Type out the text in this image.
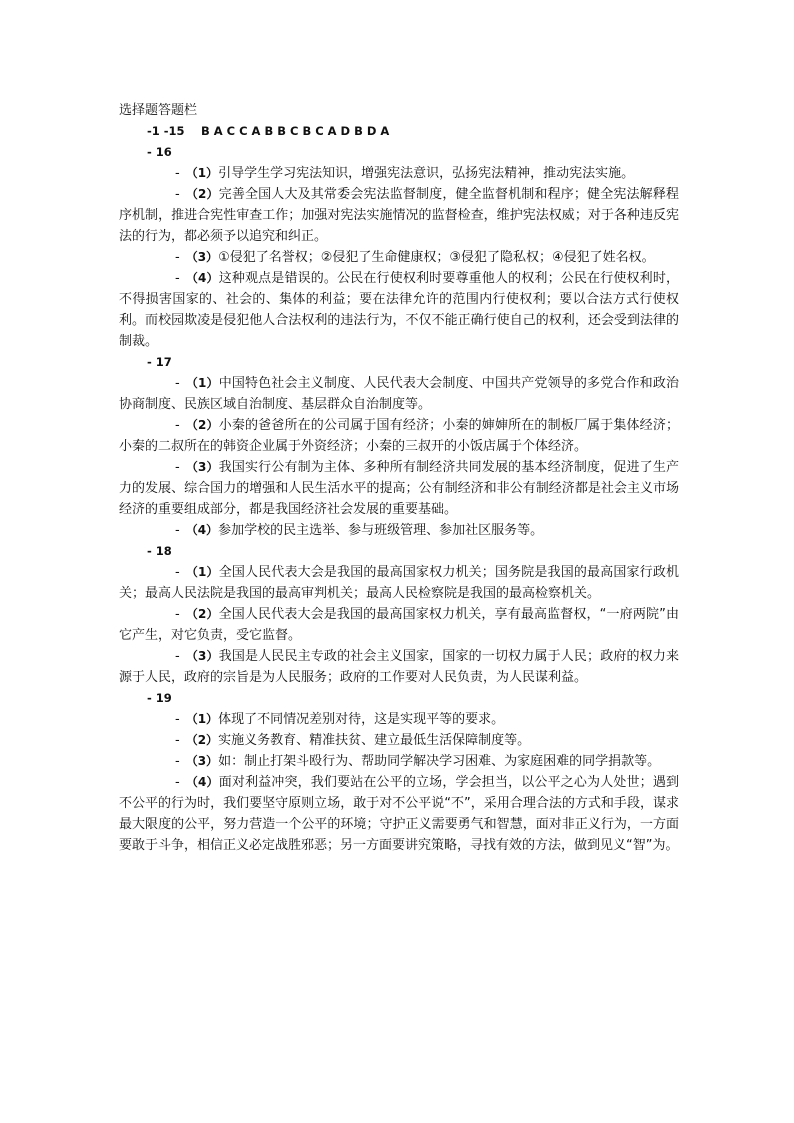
选择题答题栏
-1 -15 B A C C A B B C B C A D B D A
- 16

- （1）引导学生学习宪法知识，增强宪法意识，弘扬宪法精神，推动宪法实施。

- （2）完善全国人大及其常委会宪法监督制度，健全监督机制和程序；健全宪法解释程序机制，推进合宪性审查工作；加强对宪法实施情况的监督检查，维护宪法权威；对于各种违反宪法的行为，都必须予以追究和纠正。

- （3）①侵犯了名誉权；②侵犯了生命健康权；③侵犯了隐私权；④侵犯了姓名权。

- （4）这种观点是错误的。公民在行使权利时要尊重他人的权利；公民在行使权利时，不得损害国家的、社会的、集体的利益；要在法律允许的范围内行使权利；要以合法方式行使权利。而校园欺凌是侵犯他人合法权利的违法行为，不仅不能正确行使自己的权利，还会受到法律的制裁。

- 17

- （1）中国特色社会主义制度、人民代表大会制度、中国共产党领导的多党合作和政治协商制度、民族区域自治制度、基层群众自治制度等。

- （2）小秦的爸爸所在的公司属于国有经济；小秦的婶婶所在的制板厂属于集体经济；小秦的二叔所在的韩资企业属于外资经济；小秦的三叔开的小饭店属于个体经济。

- （3）我国实行公有制为主体、多种所有制经济共同发展的基本经济制度，促进了生产力的发展、综合国力的增强和人民生活水平的提高；公有制经济和非公有制经济都是社会主义市场经济的重要组成部分，都是我国经济社会发展的重要基础。

- （4）参加学校的民主选举、参与班级管理、参加社区服务等。

- 18

- （1）全国人民代表大会是我国的最高国家权力机关；国务院是我国的最高国家行政机关；最高人民法院是我国的最高审判机关；最高人民检察院是我国的最高检察机关。

- （2）全国人民代表大会是我国的最高国家权力机关，享有最高监督权，“一府两院”由它产生，对它负责，受它监督。

- （3）我国是人民民主专政的社会主义国家，国家的一切权力属于人民；政府的权力来源于人民，政府的宗旨是为人民服务；政府的工作要对人民负责，为人民谋利益。

- 19

- （1）体现了不同情况差别对待，这是实现平等的要求。

- （2）实施义务教育、精准扶贫、建立最低生活保障制度等。

- （3）如：制止打架斗殴行为、帮助同学解决学习困难、为家庭困难的同学捐款等。

- （4）面对利益冲突，我们要站在公平的立场，学会担当，以公平之心为人处世；遇到不公平的行为时，我们要坚守原则立场，敢于对不公平说“不”，采用合理合法的方式和手段，谋求最大限度的公平，努力营造一个公平的环境；守护正义需要勇气和智慧，面对非正义行为，一方面要敢于斗争，相信正义必定战胜邪恶；另一方面要讲究策略，寻找有效的方法，做到见义“智”为。
